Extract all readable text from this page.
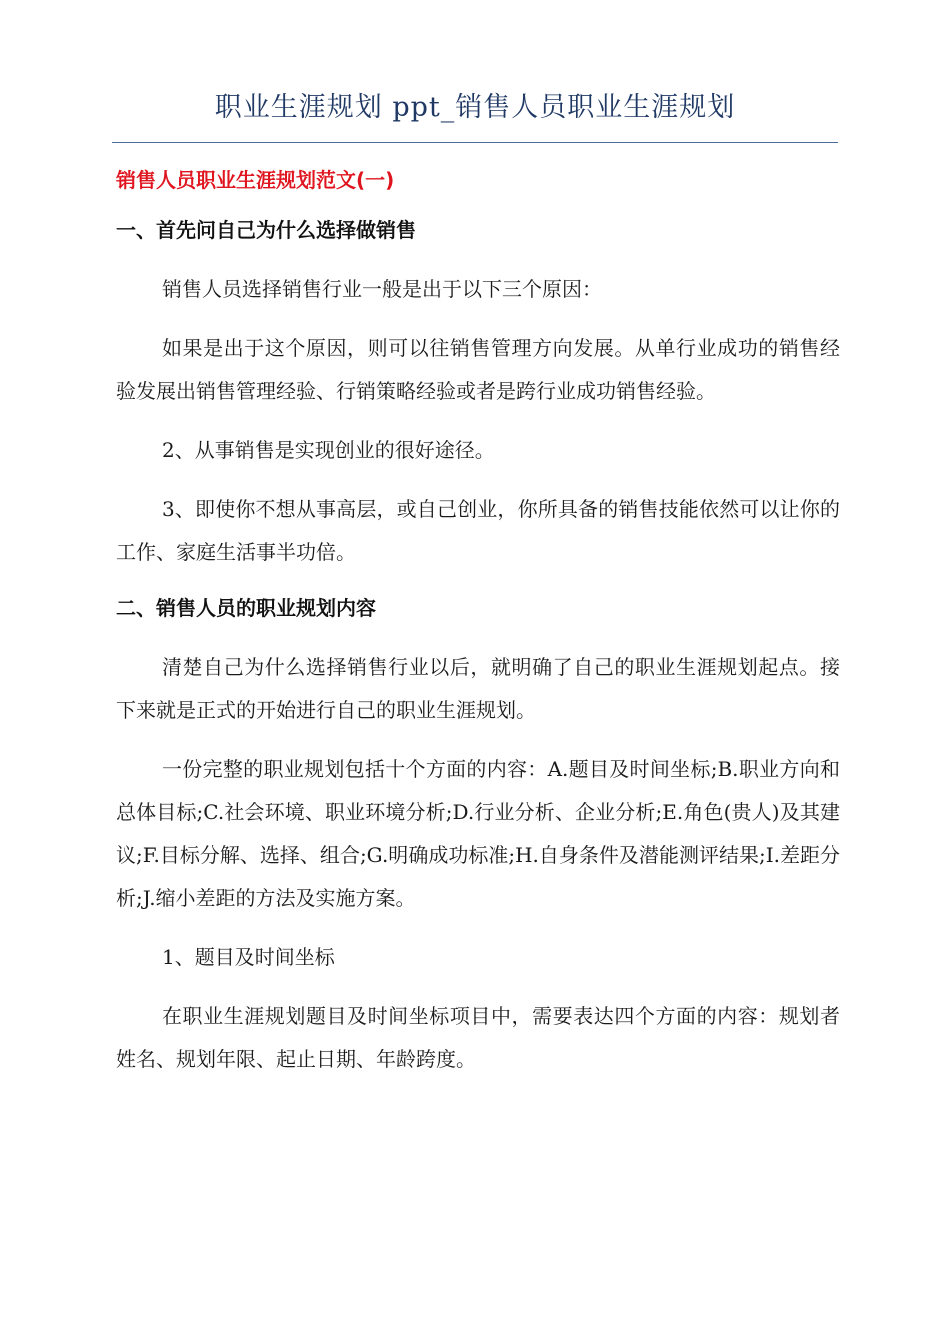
职业生涯规划 ppt_销售人员职业生涯规划
销售人员职业生涯规划范文(一)
一、首先问自己为什么选择做销售

销售人员选择销售行业一般是出于以下三个原因：

如果是出于这个原因，则可以往销售管理方向发展。从单行业成功的销售经验发展出销售管理经验、行销策略经验或者是跨行业成功销售经验。

2、从事销售是实现创业的很好途径。

3、即使你不想从事高层，或自己创业，你所具备的销售技能依然可以让你的工作、家庭生活事半功倍。

二、销售人员的职业规划内容

清楚自己为什么选择销售行业以后，就明确了自己的职业生涯规划起点。接下来就是正式的开始进行自己的职业生涯规划。

一份完整的职业规划包括十个方面的内容：A.题目及时间坐标;B.职业方向和总体目标;C.社会环境、职业环境分析;D.行业分析、企业分析;E.角色(贵人)及其建议;F.目标分解、选择、组合;G.明确成功标准;H.自身条件及潜能测评结果;I.差距分析;J.缩小差距的方法及实施方案。

1、题目及时间坐标

在职业生涯规划题目及时间坐标项目中，需要表达四个方面的内容：规划者姓名、规划年限、起止日期、年龄跨度。
